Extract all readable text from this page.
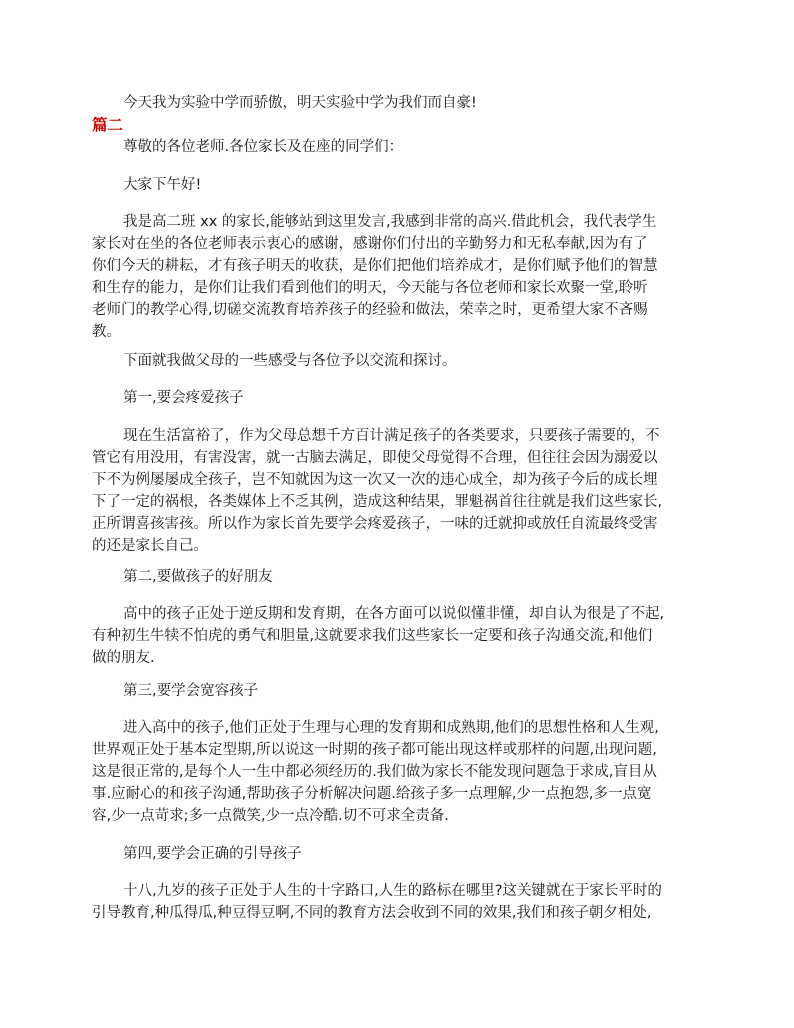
今天我为实验中学而骄傲，明天实验中学为我们而自豪!
篇二
尊敬的各位老师.各位家长及在座的同学们：
大家下午好!
我是高二班 xx 的家长,能够站到这里发言,我感到非常的高兴.借此机会，我代表学生
家长对在坐的各位老师表示衷心的感谢，感谢你们付出的辛勤努力和无私奉献,因为有了
你们今天的耕耘，才有孩子明天的收获，是你们把他们培养成才，是你们赋予他们的智慧
和生存的能力，是你们让我们看到他们的明天，今天能与各位老师和家长欢聚一堂,聆听
老师门的教学心得,切磋交流教育培养孩子的经验和做法，荣幸之时，更希望大家不吝赐
教。
下面就我做父母的一些感受与各位予以交流和探讨。
第一,要会疼爱孩子
现在生活富裕了，作为父母总想千方百计满足孩子的各类要求，只要孩子需要的，不
管它有用没用，有害没害，就一古脑去满足，即使父母觉得不合理，但往往会因为溺爱以
下不为例屡屡成全孩子，岂不知就因为这一次又一次的违心成全，却为孩子今后的成长埋
下了一定的祸根，各类媒体上不乏其例，造成这种结果，罪魁祸首往往就是我们这些家长,
正所谓喜孩害孩。所以作为家长首先要学会疼爱孩子，一味的迁就抑或放任自流最终受害
的还是家长自己。
第二,要做孩子的好朋友
高中的孩子正处于逆反期和发育期，在各方面可以说似懂非懂，却自认为很是了不起,
有种初生牛犊不怕虎的勇气和胆量,这就要求我们这些家长一定要和孩子沟通交流,和他们
做的朋友.
第三,要学会宽容孩子
进入高中的孩子,他们正处于生理与心理的发育期和成熟期,他们的思想性格和人生观,
世界观正处于基本定型期,所以说这一时期的孩子都可能出现这样或那样的问题,出现问题,
这是很正常的,是每个人一生中都必须经历的.我们做为家长不能发现问题急于求成,盲目从
事.应耐心的和孩子沟通,帮助孩子分析解决问题.给孩子多一点理解,少一点抱怨,多一点宽
容,少一点苛求;多一点微笑,少一点冷酷.切不可求全责备.
第四,要学会正确的引导孩子
十八,九岁的孩子正处于人生的十字路口,人生的路标在哪里?这关键就在于家长平时的
引导教育,种瓜得瓜,种豆得豆啊,不同的教育方法会收到不同的效果,我们和孩子朝夕相处,
